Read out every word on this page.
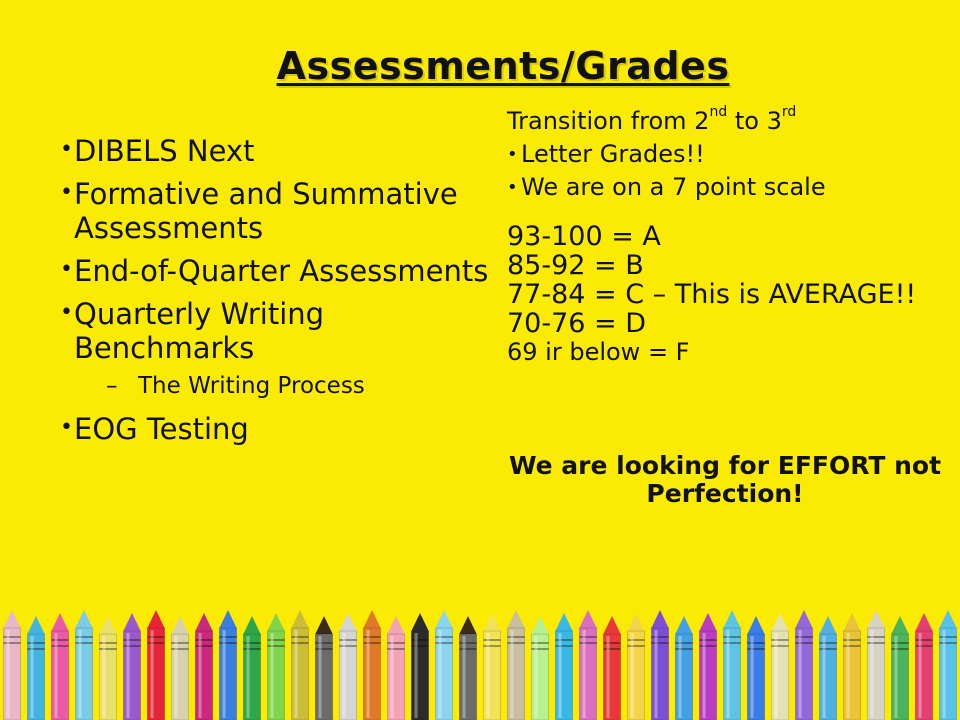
Assessments/Grades
• DIBELS Next
• Formative and Summative Assessments
• End-of-Quarter Assessments
• Quarterly Writing Benchmarks
– The Writing Process
• EOG Testing
Transition from 2nd to 3rd
• Letter Grades!!
• We are on a 7 point scale
93-100 = A
85-92 = B
77-84 = C – This is AVERAGE!!
70-76 = D
69 ir below = F
We are looking for EFFORT not Perfection!
